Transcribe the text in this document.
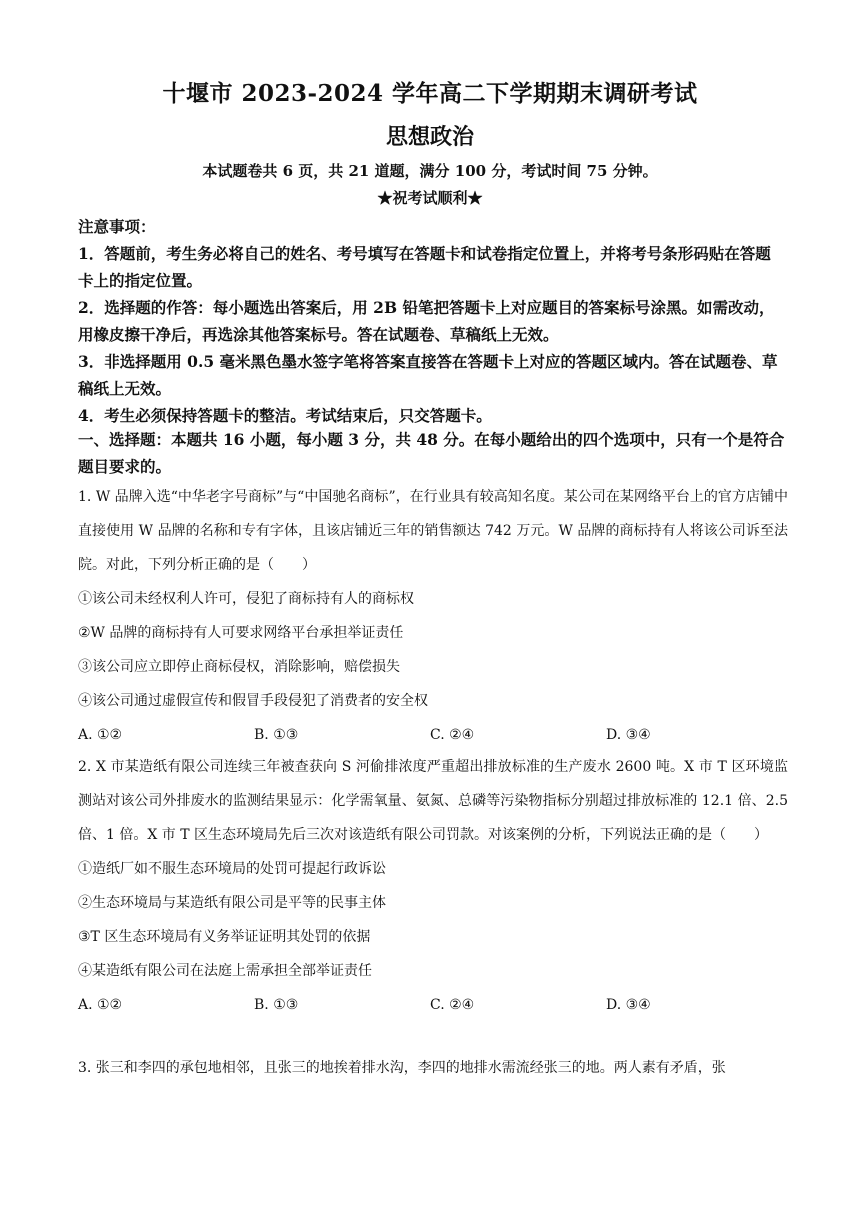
十堰市 2023-2024 学年高二下学期期末调研考试
思想政治
本试题卷共 6 页，共 21 道题，满分 100 分，考试时间 75 分钟。
★祝考试顺利★

注意事项：

1．答题前，考生务必将自己的姓名、考号填写在答题卡和试卷指定位置上，并将考号条形码贴在答题卡上的指定位置。

2．选择题的作答：每小题选出答案后，用 2B 铅笔把答题卡上对应题目的答案标号涂黑。如需改动，用橡皮擦干净后，再选涂其他答案标号。答在试题卷、草稿纸上无效。

3．非选择题用 0.5 毫米黑色墨水签字笔将答案直接答在答题卡上对应的答题区域内。答在试题卷、草稿纸上无效。

4．考生必须保持答题卡的整洁。考试结束后，只交答题卡。

一、选择题：本题共 16 小题，每小题 3 分，共 48 分。在每小题给出的四个选项中，只有一个是符合题目要求的。

1. W 品牌入选“中华老字号商标”与“中国驰名商标”，在行业具有较高知名度。某公司在某网络平台上的官方店铺中直接使用 W 品牌的名称和专有字体，且该店铺近三年的销售额达 742 万元。W 品牌的商标持有人将该公司诉至法院。对此，下列分析正确的是（　　）

①该公司未经权利人许可，侵犯了商标持有人的商标权

②W 品牌的商标持有人可要求网络平台承担举证责任

③该公司应立即停止商标侵权，消除影响，赔偿损失

④该公司通过虚假宣传和假冒手段侵犯了消费者的安全权

A. ①②	B. ①③	C. ②④	D. ③④

2. X 市某造纸有限公司连续三年被查获向 S 河偷排浓度严重超出排放标准的生产废水 2600 吨。X 市 T 区环境监测站对该公司外排废水的监测结果显示：化学需氧量、氨氮、总磷等污染物指标分别超过排放标准的 12.1 倍、2.5 倍、1 倍。X 市 T 区生态环境局先后三次对该造纸有限公司罚款。对该案例的分析，下列说法正确的是（　　）

①造纸厂如不服生态环境局的处罚可提起行政诉讼

②生态环境局与某造纸有限公司是平等的民事主体

③T 区生态环境局有义务举证证明其处罚的依据

④某造纸有限公司在法庭上需承担全部举证责任

A. ①②	B. ①③	C. ②④	D. ③④

3. 张三和李四的承包地相邻，且张三的地挨着排水沟，李四的地排水需流经张三的地。两人素有矛盾，张
